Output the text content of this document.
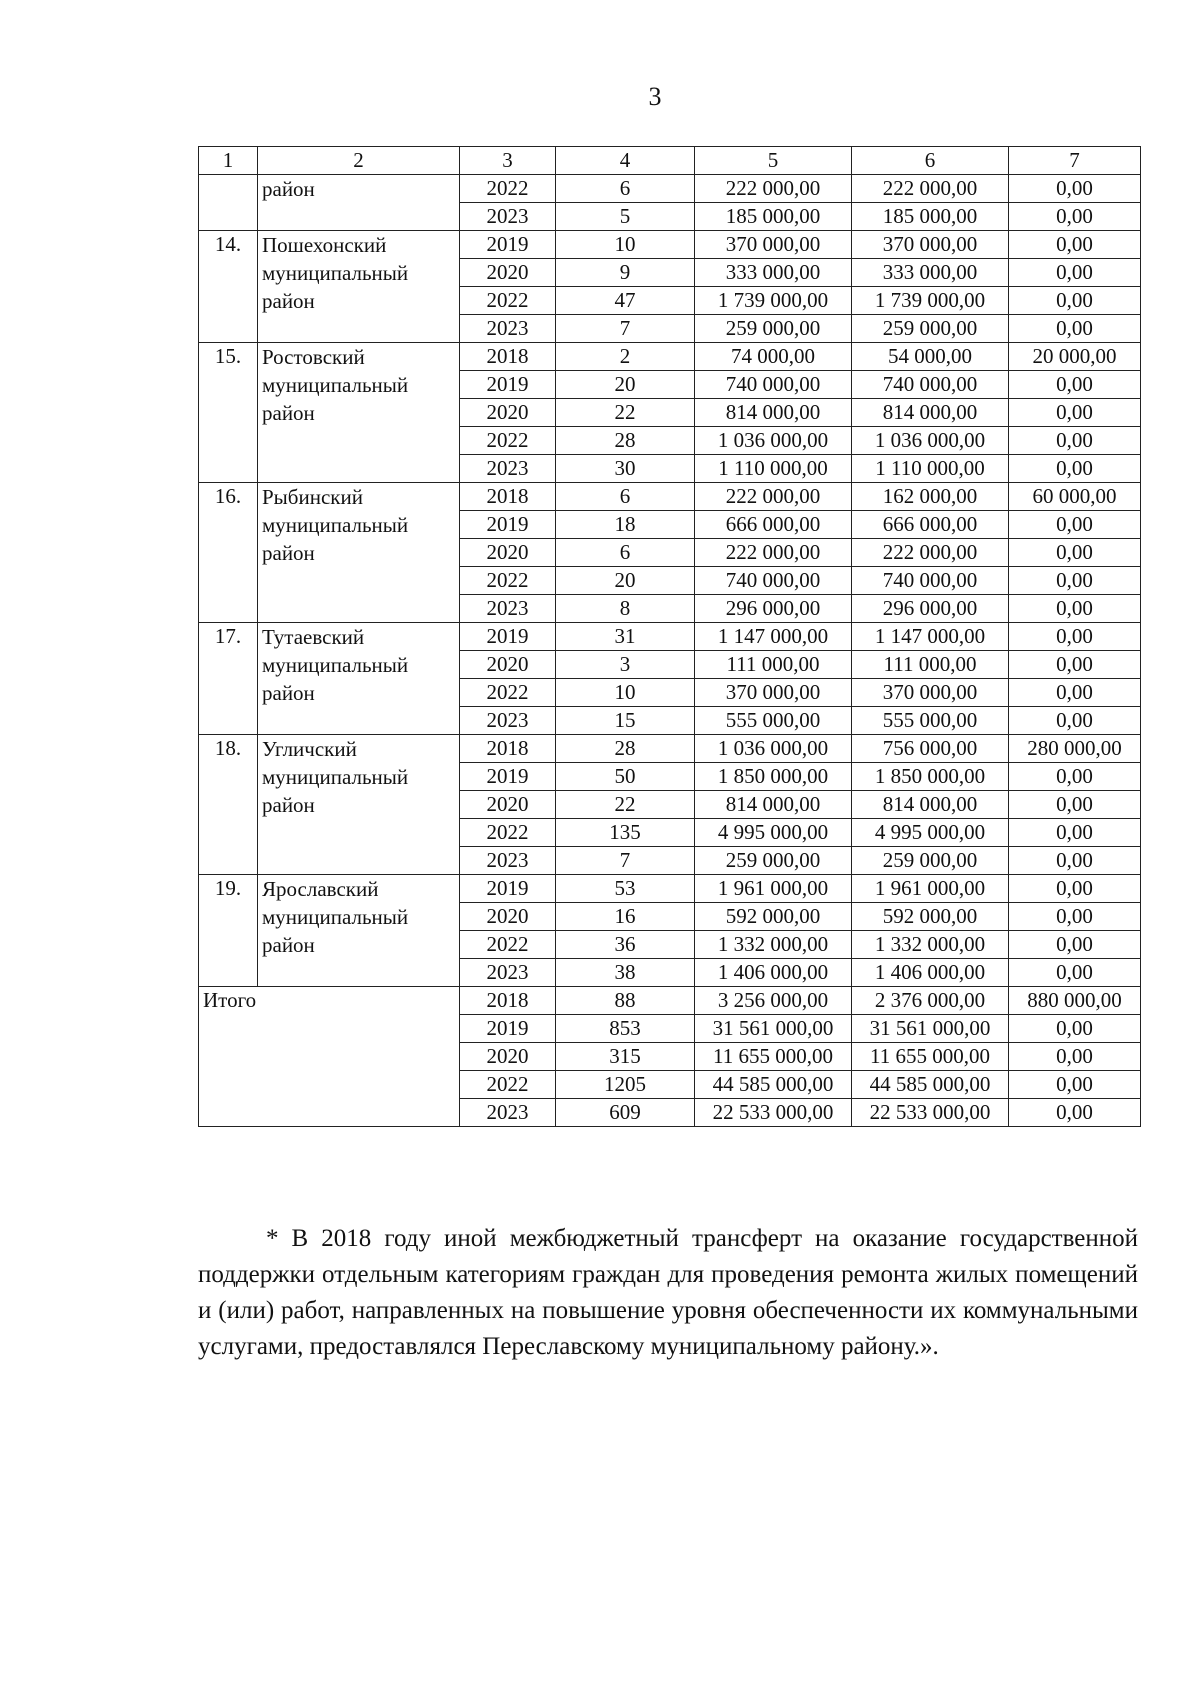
3
1	2	3	4	5	6	7
	район	2022	6	222 000,00	222 000,00	0,00
		2023	5	185 000,00	185 000,00	0,00
14.	Пошехонский муниципальный район	2019	10	370 000,00	370 000,00	0,00
		2020	9	333 000,00	333 000,00	0,00
		2022	47	1 739 000,00	1 739 000,00	0,00
		2023	7	259 000,00	259 000,00	0,00
15.	Ростовский муниципальный район	2018	2	74 000,00	54 000,00	20 000,00
		2019	20	740 000,00	740 000,00	0,00
		2020	22	814 000,00	814 000,00	0,00
		2022	28	1 036 000,00	1 036 000,00	0,00
		2023	30	1 110 000,00	1 110 000,00	0,00
16.	Рыбинский муниципальный район	2018	6	222 000,00	162 000,00	60 000,00
		2019	18	666 000,00	666 000,00	0,00
		2020	6	222 000,00	222 000,00	0,00
		2022	20	740 000,00	740 000,00	0,00
		2023	8	296 000,00	296 000,00	0,00
17.	Тутаевский муниципальный район	2019	31	1 147 000,00	1 147 000,00	0,00
		2020	3	111 000,00	111 000,00	0,00
		2022	10	370 000,00	370 000,00	0,00
		2023	15	555 000,00	555 000,00	0,00
18.	Угличский муниципальный район	2018	28	1 036 000,00	756 000,00	280 000,00
		2019	50	1 850 000,00	1 850 000,00	0,00
		2020	22	814 000,00	814 000,00	0,00
		2022	135	4 995 000,00	4 995 000,00	0,00
		2023	7	259 000,00	259 000,00	0,00
19.	Ярославский муниципальный район	2019	53	1 961 000,00	1 961 000,00	0,00
		2020	16	592 000,00	592 000,00	0,00
		2022	36	1 332 000,00	1 332 000,00	0,00
		2023	38	1 406 000,00	1 406 000,00	0,00
Итого		2018	88	3 256 000,00	2 376 000,00	880 000,00
		2019	853	31 561 000,00	31 561 000,00	0,00
		2020	315	11 655 000,00	11 655 000,00	0,00
		2022	1205	44 585 000,00	44 585 000,00	0,00
		2023	609	22 533 000,00	22 533 000,00	0,00

* В 2018 году иной межбюджетный трансферт на оказание государственной поддержки отдельным категориям граждан для проведения ремонта жилых помещений и (или) работ, направленных на повышение уровня обеспеченности их коммунальными услугами, предоставлялся Переславскому муниципальному району.».
